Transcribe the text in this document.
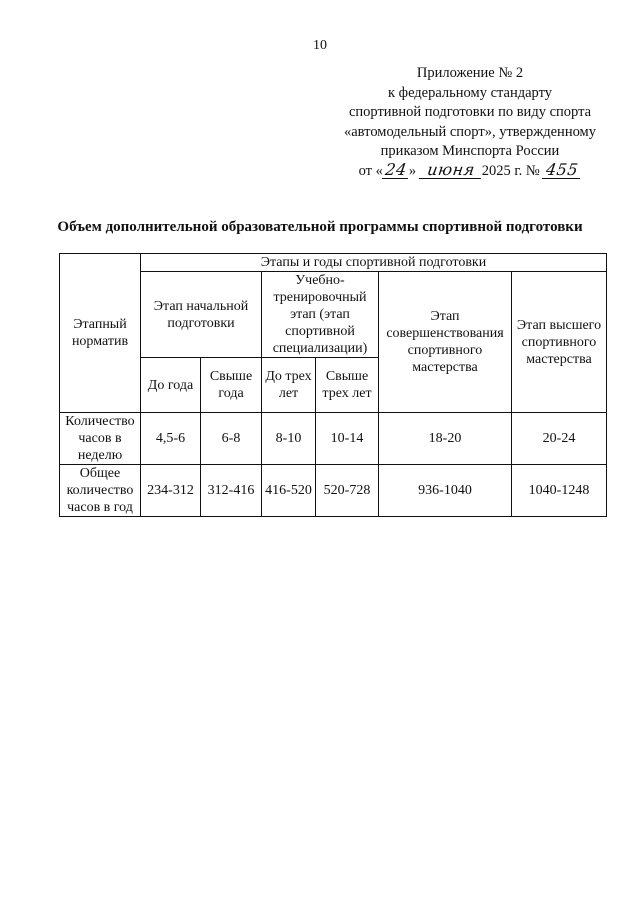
10
Приложение № 2
к федеральному стандарту
спортивной подготовки по виду спорта
«автомодельный спорт», утвержденному
приказом Минспорта России
от «24» июня 2025 г. № 455
Объем дополнительной образовательной программы спортивной подготовки
Этапный норматив	Этапы и годы спортивной подготовки					
	Этап начальной подготовки		Учебно-тренировочный этап (этап спортивной специализации)		Этап совершенствования спортивного мастерства	Этап высшего спортивного мастерства
	До года	Свыше года	До трех лет	Свыше трех лет		
Количество часов в неделю	4,5-6	6-8	8-10	10-14	18-20	20-24
Общее количество часов в год	234-312	312-416	416-520	520-728	936-1040	1040-1248
